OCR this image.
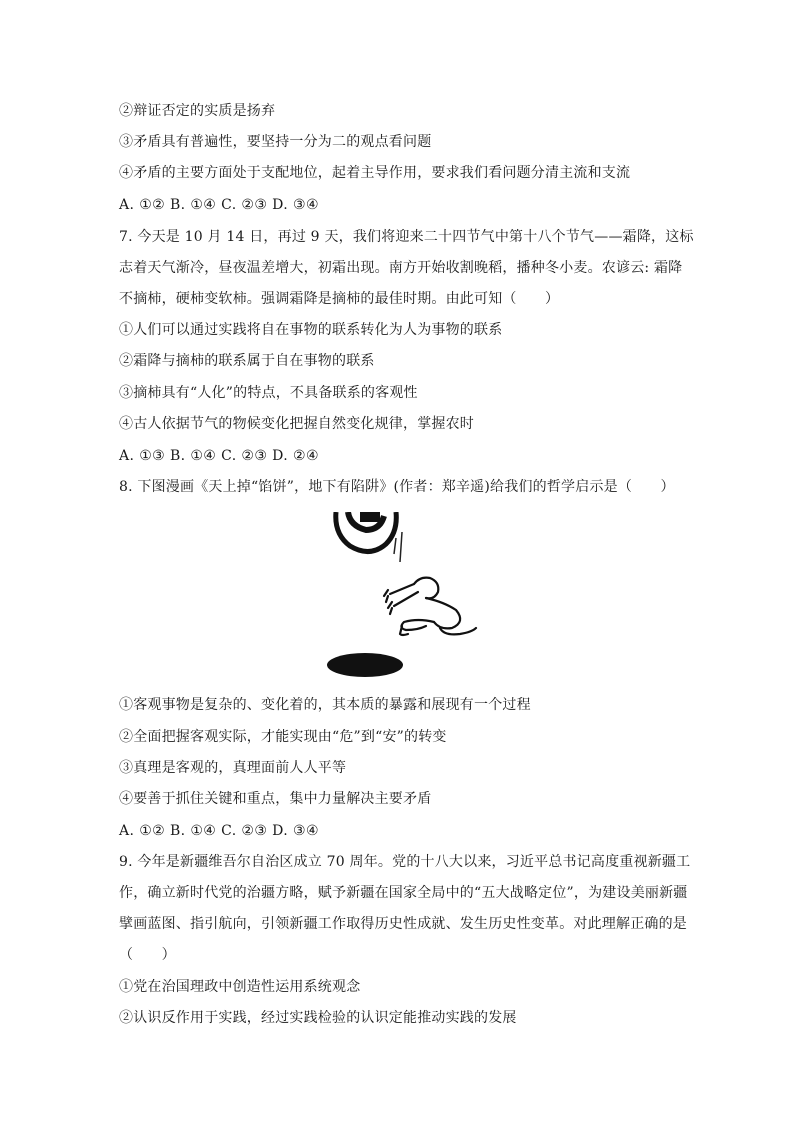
②辩证否定的实质是扬弃
③矛盾具有普遍性，要坚持一分为二的观点看问题
④矛盾的主要方面处于支配地位，起着主导作用，要求我们看问题分清主流和支流
A. ①② B. ①④ C. ②③ D. ③④
7. 今天是 10 月 14 日，再过 9 天，我们将迎来二十四节气中第十八个节气——霜降，这标
志着天气渐冷，昼夜温差增大，初霜出现。南方开始收割晚稻，播种冬小麦。农谚云: 霜降
不摘柿，硬柿变软柿。强调霜降是摘柿的最佳时期。由此可知（　　）
①人们可以通过实践将自在事物的联系转化为人为事物的联系
②霜降与摘柿的联系属于自在事物的联系
③摘柿具有“人化”的特点，不具备联系的客观性
④古人依据节气的物候变化把握自然变化规律，掌握农时
A. ①③ B. ①④ C. ②③ D. ②④
8. 下图漫画《天上掉“馅饼”，地下有陷阱》(作者：郑辛遥)给我们的哲学启示是（　　）
①客观事物是复杂的、变化着的，其本质的暴露和展现有一个过程
②全面把握客观实际，才能实现由“危”到“安”的转变
③真理是客观的，真理面前人人平等
④要善于抓住关键和重点，集中力量解决主要矛盾
A. ①② B. ①④ C. ②③ D. ③④
9. 今年是新疆维吾尔自治区成立 70 周年。党的十八大以来，习近平总书记高度重视新疆工
作，确立新时代党的治疆方略，赋予新疆在国家全局中的“五大战略定位”，为建设美丽新疆
擘画蓝图、指引航向，引领新疆工作取得历史性成就、发生历史性变革。对此理解正确的是
（　　）
①党在治国理政中创造性运用系统观念
②认识反作用于实践，经过实践检验的认识定能推动实践的发展
